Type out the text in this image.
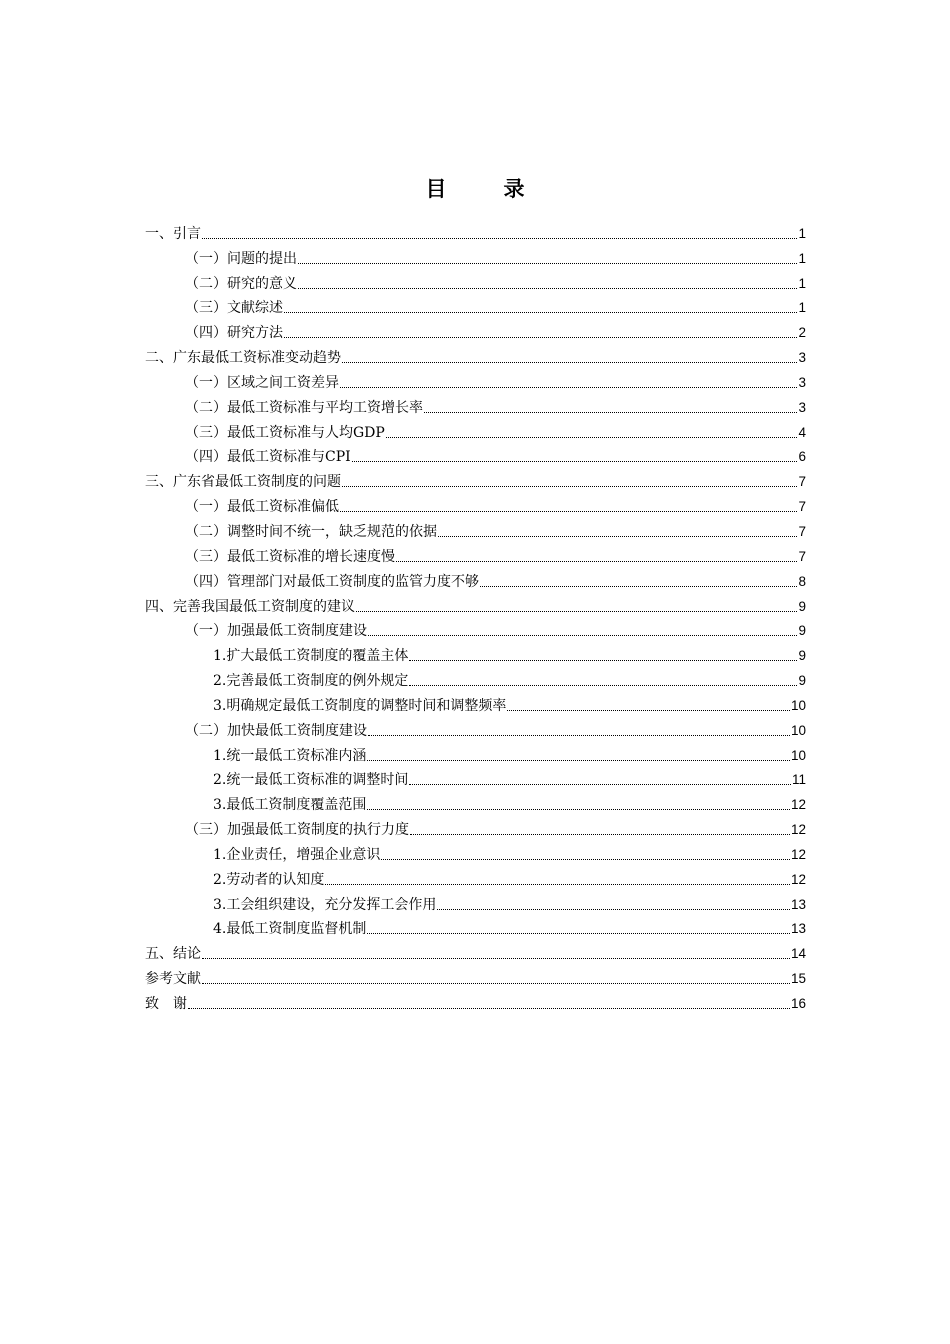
目　录
一、引言	1
（一）问题的提出	1
（二）研究的意义	1
（三）文献综述	1
（四）研究方法	2
二、广东最低工资标准变动趋势	3
（一）区域之间工资差异	3
（二）最低工资标准与平均工资增长率	3
（三）最低工资标准与人均GDP	4
（四）最低工资标准与CPI	6
三、广东省最低工资制度的问题	7
（一）最低工资标准偏低	7
（二）调整时间不统一，缺乏规范的依据	7
（三）最低工资标准的增长速度慢	7
（四）管理部门对最低工资制度的监管力度不够	8
四、完善我国最低工资制度的建议	9
（一）加强最低工资制度建设	9
1.扩大最低工资制度的覆盖主体	9
2.完善最低工资制度的例外规定	9
3.明确规定最低工资制度的调整时间和调整频率	10
（二）加快最低工资制度建设	10
1.统一最低工资标准内涵	10
2.统一最低工资标准的调整时间	11
3.最低工资制度覆盖范围	12
（三）加强最低工资制度的执行力度	12
1.企业责任，增强企业意识	12
2.劳动者的认知度	12
3.工会组织建设，充分发挥工会作用	13
4.最低工资制度监督机制	13
五、结论	14
参考文献	15
致　谢	16
